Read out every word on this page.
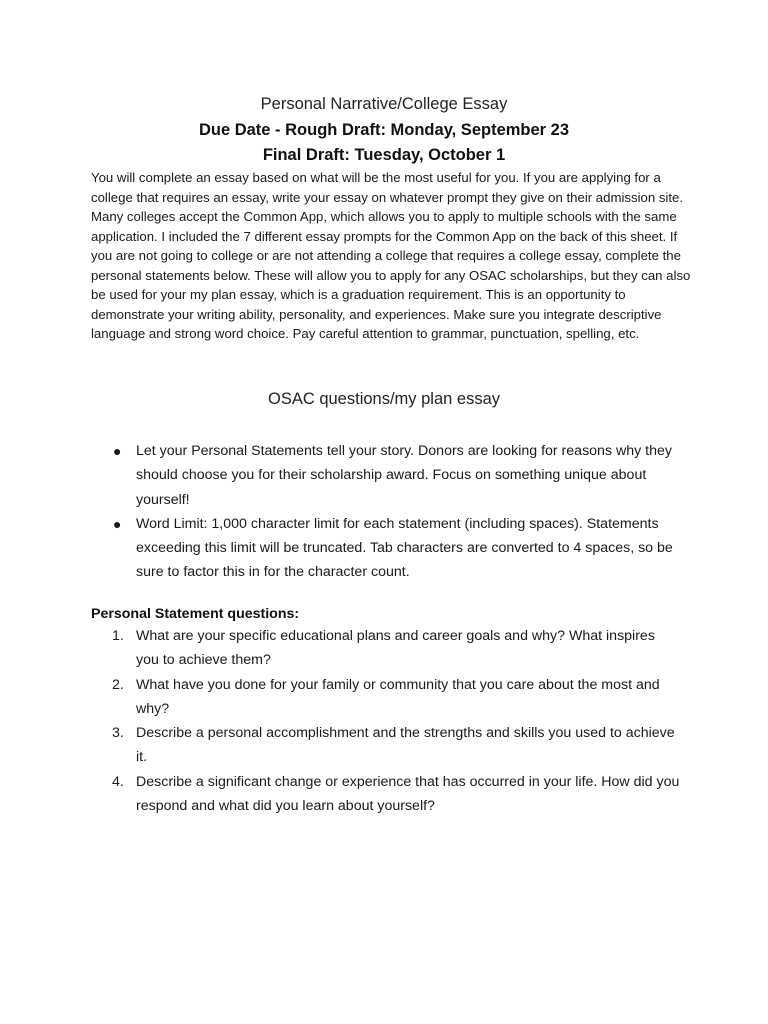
Personal Narrative/College Essay
Due Date - Rough Draft: Monday, September 23
Final Draft: Tuesday, October 1

You will complete an essay based on what will be the most useful for you. If you are applying for a college that requires an essay, write your essay on whatever prompt they give on their admission site. Many colleges accept the Common App, which allows you to apply to multiple schools with the same application. I included the 7 different essay prompts for the Common App on the back of this sheet. If you are not going to college or are not attending a college that requires a college essay, complete the personal statements below. These will allow you to apply for any OSAC scholarships, but they can also be used for your my plan essay, which is a graduation requirement. This is an opportunity to demonstrate your writing ability, personality, and experiences. Make sure you integrate descriptive language and strong word choice. Pay careful attention to grammar, punctuation, spelling, etc.

OSAC questions/my plan essay
● Let your Personal Statements tell your story. Donors are looking for reasons why they should choose you for their scholarship award. Focus on something unique about yourself!
● Word Limit: 1,000 character limit for each statement (including spaces). Statements exceeding this limit will be truncated. Tab characters are converted to 4 spaces, so be sure to factor this in for the character count.
Personal Statement questions:
1. What are your specific educational plans and career goals and why? What inspires you to achieve them?
2. What have you done for your family or community that you care about the most and why?
3. Describe a personal accomplishment and the strengths and skills you used to achieve it.
4. Describe a significant change or experience that has occurred in your life. How did you respond and what did you learn about yourself?
